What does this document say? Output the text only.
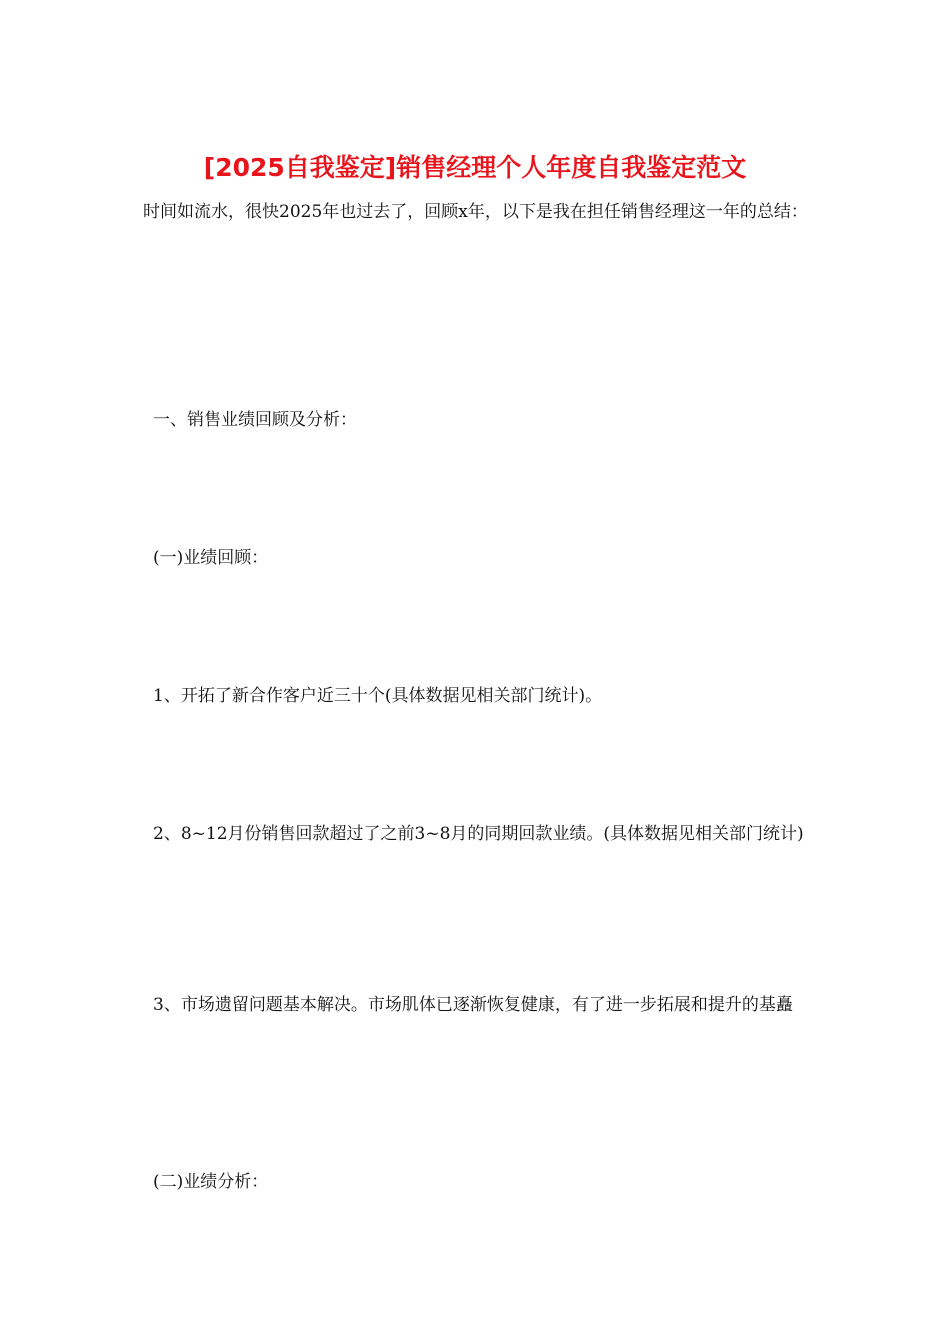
[2025自我鉴定]销售经理个人年度自我鉴定范文

时间如流水，很快2025年也过去了，回顾x年，以下是我在担任销售经理这一年的总结：

一、销售业绩回顾及分析：

(一)业绩回顾：

1、开拓了新合作客户近三十个(具体数据见相关部门统计)。

2、8~12月份销售回款超过了之前3~8月的同期回款业绩。(具体数据见相关部门统计)

3、市场遗留问题基本解决。市场肌体已逐渐恢复健康，有了进一步拓展和提升的基矗

(二)业绩分析：
